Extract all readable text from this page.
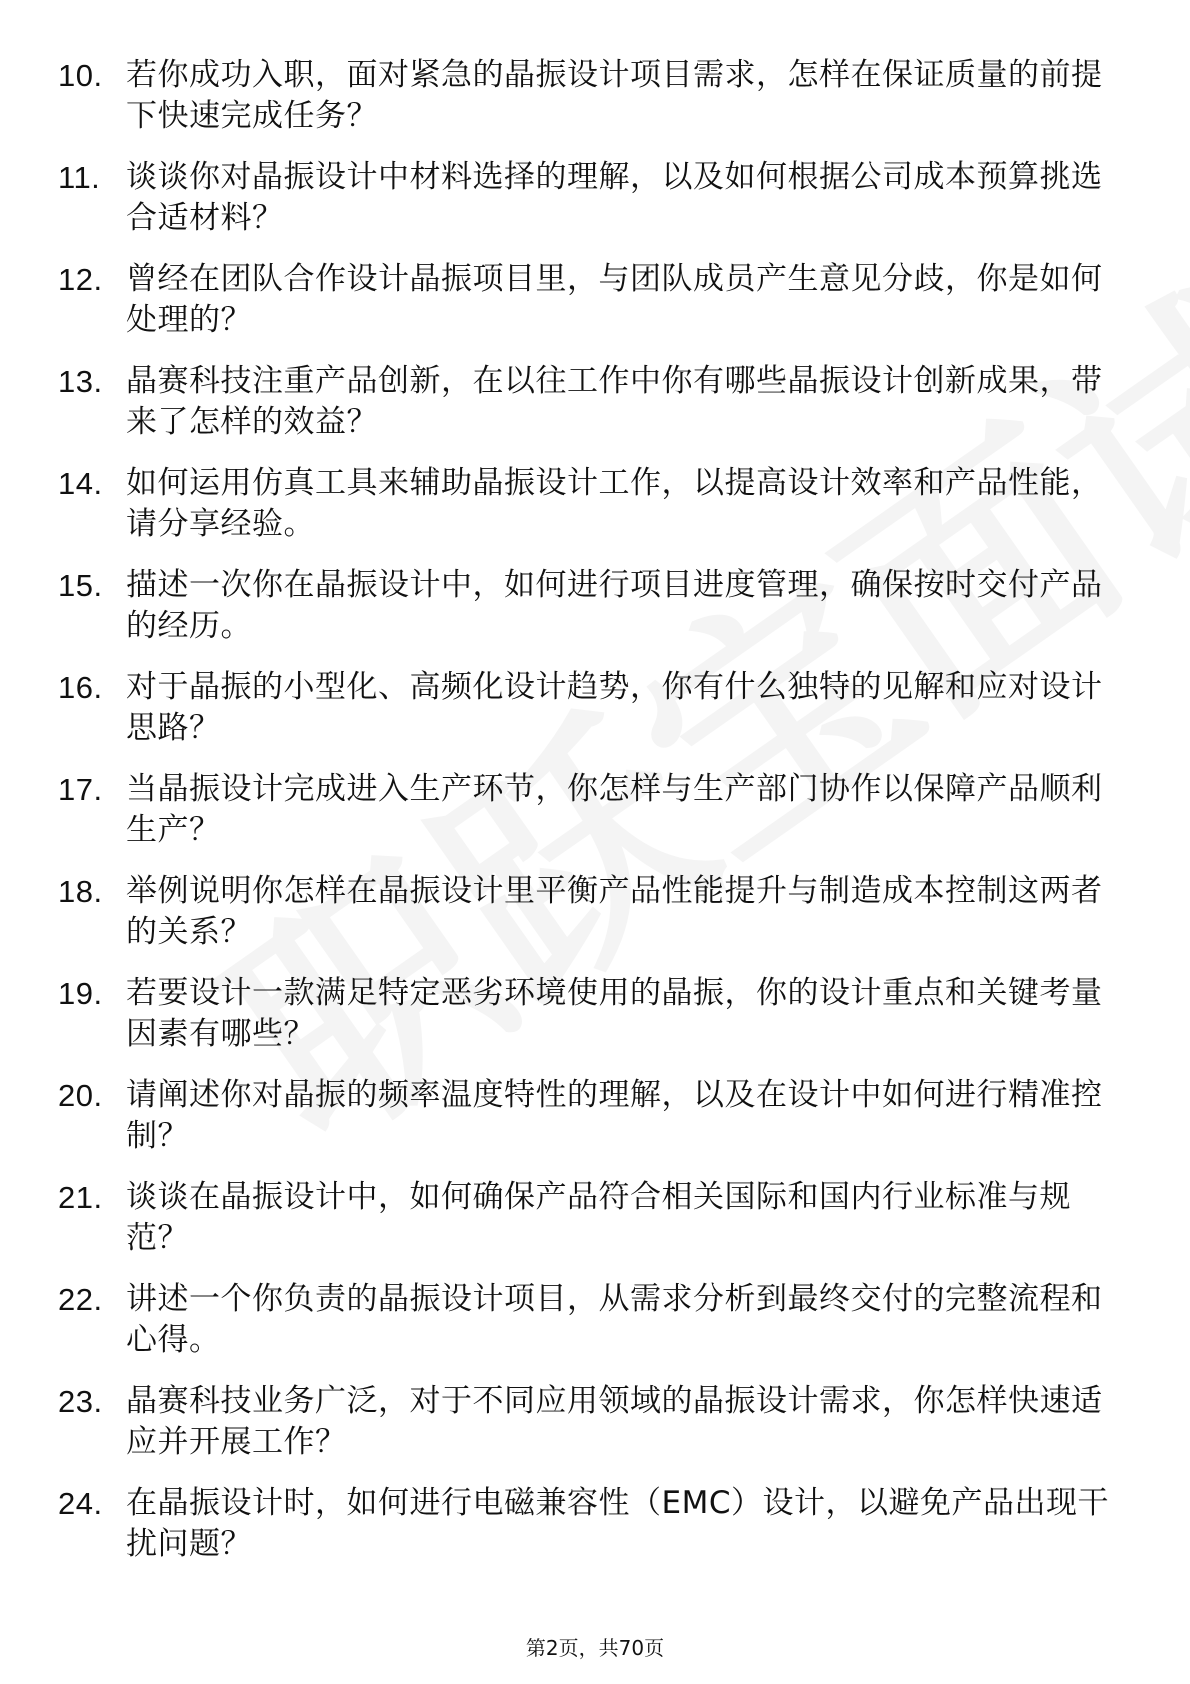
10. 若你成功入职，面对紧急的晶振设计项目需求，怎样在保证质量的前提下快速完成任务？
11. 谈谈你对晶振设计中材料选择的理解，以及如何根据公司成本预算挑选合适材料？
12. 曾经在团队合作设计晶振项目里，与团队成员产生意见分歧，你是如何处理的？
13. 晶赛科技注重产品创新，在以往工作中你有哪些晶振设计创新成果，带来了怎样的效益？
14. 如何运用仿真工具来辅助晶振设计工作，以提高设计效率和产品性能，请分享经验。
15. 描述一次你在晶振设计中，如何进行项目进度管理，确保按时交付产品的经历。
16. 对于晶振的小型化、高频化设计趋势，你有什么独特的见解和应对设计思路？
17. 当晶振设计完成进入生产环节，你怎样与生产部门协作以保障产品顺利生产？
18. 举例说明你怎样在晶振设计里平衡产品性能提升与制造成本控制这两者的关系？
19. 若要设计一款满足特定恶劣环境使用的晶振，你的设计重点和关键考量因素有哪些？
20. 请阐述你对晶振的频率温度特性的理解，以及在设计中如何进行精准控制？
21. 谈谈在晶振设计中，如何确保产品符合相关国际和国内行业标准与规范？
22. 讲述一个你负责的晶振设计项目，从需求分析到最终交付的完整流程和心得。
23. 晶赛科技业务广泛，对于不同应用领域的晶振设计需求，你怎样快速适应并开展工作？
24. 在晶振设计时，如何进行电磁兼容性（EMC）设计，以避免产品出现干扰问题？
第2页，共70页
